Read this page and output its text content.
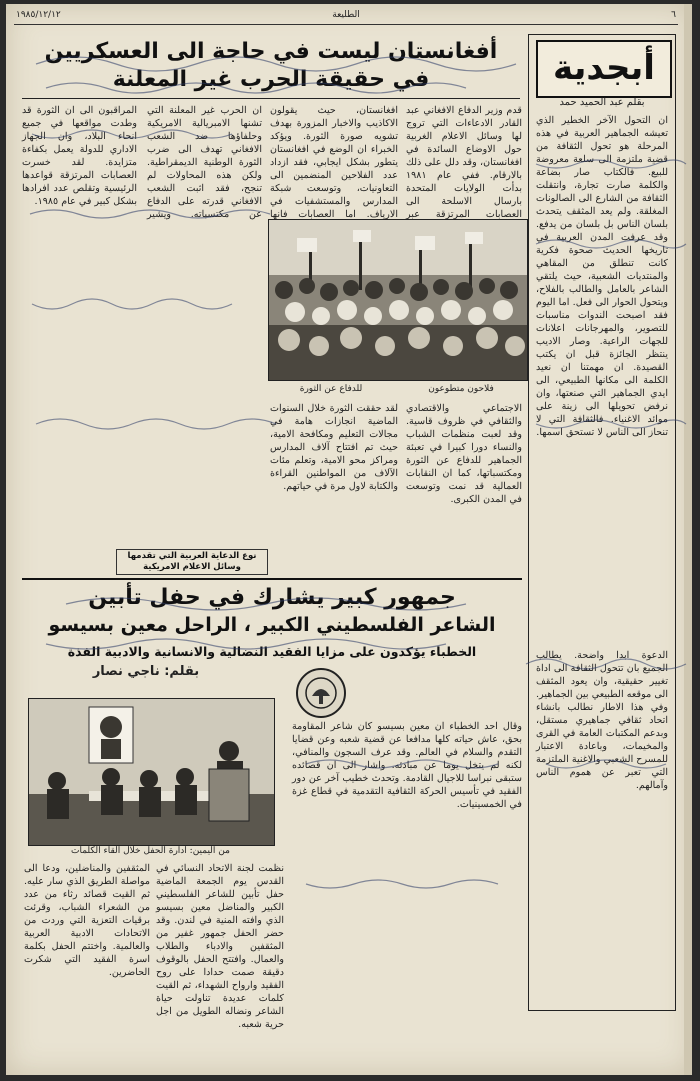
١٩٨٥/١٢/١٢	الطليعة	٦
أبجدية
بقلم عبد الحميد حمد

ان التحول الآخر الخطير الذي تعيشه الجماهير العربية في هذه المرحلة هو تحول الثقافة من قضية ملتزمة الى سلعة معروضة للبيع. فالكتاب صار بضاعة والكلمة صارت تجارة، وانتقلت الثقافة من الشارع الى الصالونات المغلقة. ولم يعد المثقف يتحدث بلسان الناس بل بلسان من يدفع. وقد عرفت المدن العربية في تاريخها الحديث صحوة فكرية كانت تنطلق من المقاهي والمنتديات الشعبية، حيث يلتقي الشاعر بالعامل والطالب بالفلاح، ويتحول الحوار الى فعل. اما اليوم فقد اصبحت الندوات مناسبات للتصوير، والمهرجانات اعلانات للجهات الراعية. وصار الاديب ينتظر الجائزة قبل ان يكتب القصيدة. ان مهمتنا ان نعيد الكلمة الى مكانها الطبيعي، الى ايدي الجماهير التي صنعتها، وان نرفض تحويلها الى زينة على موائد الاغنياء. فالثقافة التي لا تنحاز الى الناس لا تستحق اسمها.

الدعوة ابدا واضحة. يطالب الجميع بان تتحول الثقافة الى اداة تغيير حقيقية، وان يعود المثقف الى موقعه الطبيعي بين الجماهير. وفي هذا الاطار نطالب بانشاء اتحاد ثقافي جماهيري مستقل، وبدعم المكتبات العامة في القرى والمخيمات، وباعادة الاعتبار للمسرح الشعبي والاغنية الملتزمة التي تعبر عن هموم الناس وآمالهم.

أفغانستان ليست في حاجة الى العسكريين
في حقيقة الحرب غير المعلنة

قدم وزير الدفاع الافغاني عبد القادر الادعاءات التي تروج لها وسائل الاعلام الغربية حول الاوضاع السائدة في افغانستان، وقد دلل على ذلك بالارقام. ففي عام ١٩٨١ بدأت الولايات المتحدة بارسال الاسلحة الى العصابات المرتزقة عبر

افغانستان، حيث يقولون الاكاذيب والاخبار المزورة بهدف تشويه صورة الثورة. ويؤكد الخبراء ان الوضع في افغانستان يتطور بشكل ايجابي، فقد ازداد عدد الفلاحين المنضمين الى التعاونيات، وتوسعت شبكة المدارس والمستشفيات في الارياف. اما العصابات فانها

ان الحرب غير المعلنة التي تشنها الامبريالية الامريكية وحلفاؤها ضد الشعب الافغاني تهدف الى ضرب الثورة الوطنية الديمقراطية. ولكن هذه المحاولات لم تنجح، فقد اثبت الشعب الافغاني قدرته على الدفاع عن مكتسباته. ويشير المراقبون الى ان الثورة قد وطدت مواقعها في جميع انحاء البلاد، وان الجهاز الاداري للدولة يعمل بكفاءة متزايدة. لقد خسرت العصابات المرتزقة قواعدها الرئيسية وتقلص عدد افرادها بشكل كبير في عام ١٩٨٥.

فلاحون متطوعون
للدفاع عن الثورة

الاجتماعي والاقتصادي والثقافي في ظروف قاسية. وقد لعبت منظمات الشباب والنساء دورا كبيرا في تعبئة الجماهير للدفاع عن الثورة ومكتسباتها، كما ان النقابات العمالية قد نمت وتوسعت في المدن الكبرى.

لقد حققت الثورة خلال السنوات الماضية انجازات هامة في مجالات التعليم ومكافحة الامية، حيث تم افتتاح آلاف المدارس ومراكز محو الامية، وتعلم مئات الآلاف من المواطنين القراءة والكتابة لاول مرة في حياتهم.

نوع الدعاية العربية التي تقدمها وسائل الاعلام الامريكية
جمهور كبير يشارك في حفل تأبين
الشاعر الفلسطيني الكبير ، الراحل معين بسيسو
الخطباء يؤكدون على مزايا الفقيد النضالية والانسانية والادبية الفذة
بقلم: ناجي نصار
من اليمين: ادارة الحفل خلال القاء الكلمات

وقال احد الخطباء ان معين بسيسو كان شاعر المقاومة بحق، عاش حياته كلها مدافعا عن قضية شعبه وعن قضايا التقدم والسلام في العالم. وقد عرف السجون والمنافي، لكنه لم يتخل يوما عن مبادئه. واشار الى ان قصائده ستبقى نبراسا للاجيال القادمة. وتحدث خطيب آخر عن دور الفقيد في تأسيس الحركة الثقافية التقدمية في قطاع غزة في الخمسينيات.

نظمت لجنة الاتحاد النسائي في القدس يوم الجمعة الماضية حفل تأبين للشاعر الفلسطيني الكبير والمناضل معين بسيسو الذي وافته المنية في لندن. وقد حضر الحفل جمهور غفير من المثقفين والادباء والطلاب والعمال. وافتتح الحفل بالوقوف دقيقة صمت حدادا على روح الفقيد وارواح الشهداء، ثم القيت كلمات عديدة تناولت حياة الشاعر ونضاله الطويل من اجل حرية شعبه.

المثقفين والمناضلين، ودعا الى مواصلة الطريق الذي سار عليه. ثم القيت قصائد رثاء من عدد من الشعراء الشباب، وقرئت برقيات التعزية التي وردت من الاتحادات الادبية العربية والعالمية. واختتم الحفل بكلمة اسرة الفقيد التي شكرت الحاضرين.
